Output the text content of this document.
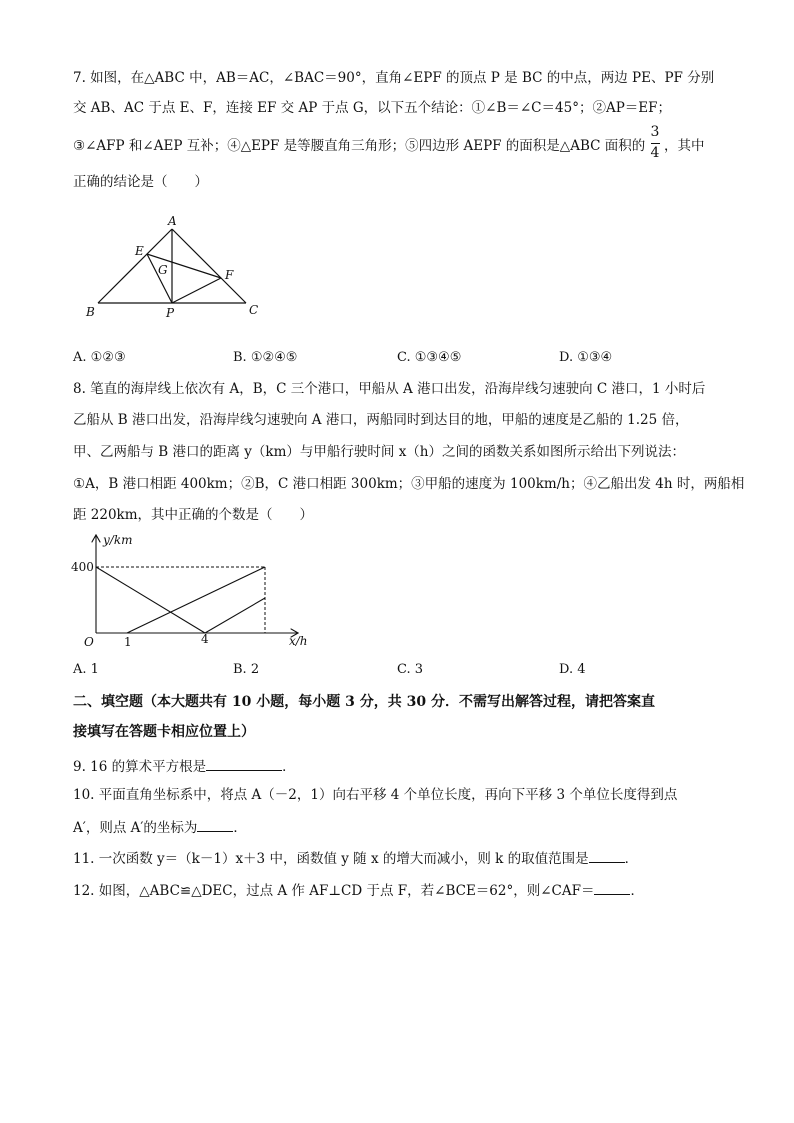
7. 如图，在△ABC 中，AB＝AC，∠BAC＝90°，直角∠EPF 的顶点 P 是 BC 的中点，两边 PE、PF 分别
交 AB、AC 于点 E、F，连接 EF 交 AP 于点 G，以下五个结论：①∠B＝∠C＝45°；②AP＝EF；
③∠AFP 和∠AEP 互补；④△EPF 是等腰直角三角形；⑤四边形 AEPF 的面积是△ABC 面积的
3
4 ，其中
正确的结论是（　　）
A
B	C
E
F
G
P
A. ①②③	B. ①②④⑤	C. ①③④⑤	D. ①③④
8. 笔直的海岸线上依次有 A，B，C 三个港口，甲船从 A 港口出发，沿海岸线匀速驶向 C 港口，1 小时后
乙船从 B 港口出发，沿海岸线匀速驶向 A 港口，两船同时到达目的地，甲船的速度是乙船的 1.25 倍，
甲、乙两船与 B 港口的距离 y（km）与甲船行驶时间 x（h）之间的函数关系如图所示给出下列说法：
①A，B 港口相距 400km；②B，C 港口相距 300km；③甲船的速度为 100km/h；④乙船出发 4h 时，两船相
距 220km，其中正确的个数是（　　）
y/km
x/h
O
400
1	4
A. 1	B. 2	C. 3	D. 4
二、填空题（本大题共有 10 小题，每小题 3 分，共 30 分．不需写出解答过程，请把答案直
接填写在答题卡相应位置上）
9. 16 的算术平方根是	．
10. 平面直角坐标系中，将点 A（－2，1）向右平移 4 个单位长度，再向下平移 3 个单位长度得到点
A′，则点 A′的坐标为	．
11. 一次函数 y＝（k－1）x＋3 中，函数值 y 随 x 的增大而减小，则 k 的取值范围是	．
12. 如图，△ABC≌△DEC，过点 A 作 AF⊥CD 于点 F，若∠BCE＝62°，则∠CAF＝	．
